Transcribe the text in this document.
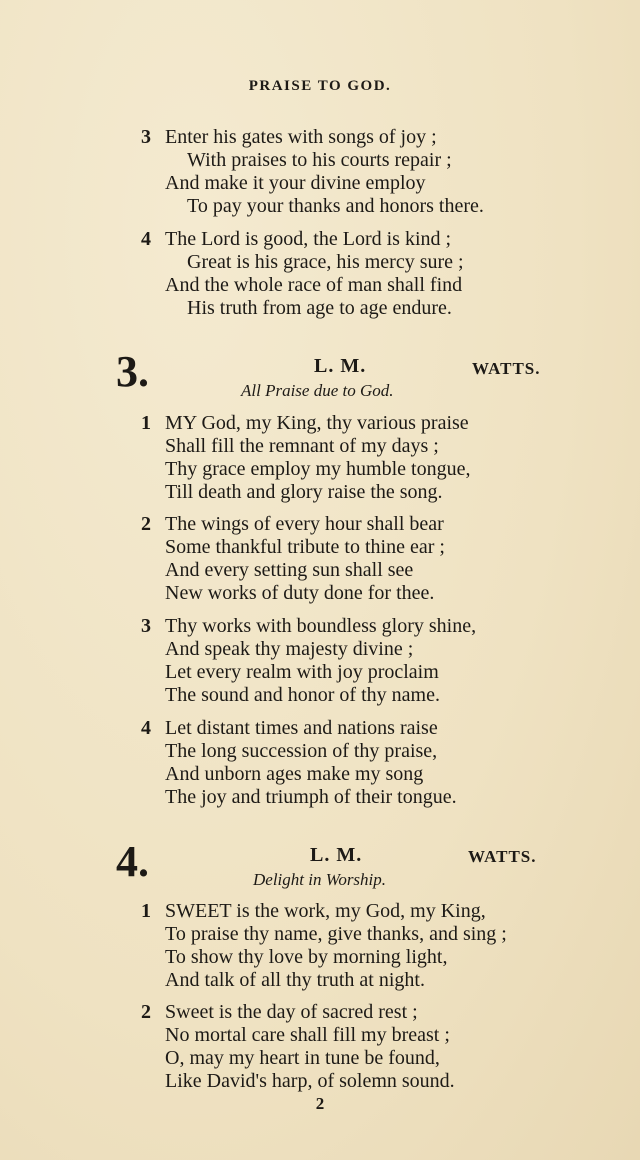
PRAISE TO GOD.
3 Enter his gates with songs of joy ;
With praises to his courts repair ;
And make it your divine employ
To pay your thanks and honors there.
4 The Lord is good, the Lord is kind ;
Great is his grace, his mercy sure ;
And the whole race of man shall find
His truth from age to age endure.
3.	L. M.	WATTS.
All Praise due to God.
1 MY God, my King, thy various praise
Shall fill the remnant of my days ;
Thy grace employ my humble tongue,
Till death and glory raise the song.
2 The wings of every hour shall bear
Some thankful tribute to thine ear ;
And every setting sun shall see
New works of duty done for thee.
3 Thy works with boundless glory shine,
And speak thy majesty divine ;
Let every realm with joy proclaim
The sound and honor of thy name.
4 Let distant times and nations raise
The long succession of thy praise,
And unborn ages make my song
The joy and triumph of their tongue.
4.	L. M.	WATTS.
Delight in Worship.
1 SWEET is the work, my God, my King,
To praise thy name, give thanks, and sing ;
To show thy love by morning light,
And talk of all thy truth at night.
2 Sweet is the day of sacred rest ;
No mortal care shall fill my breast ;
O, may my heart in tune be found,
Like David's harp, of solemn sound.
2
